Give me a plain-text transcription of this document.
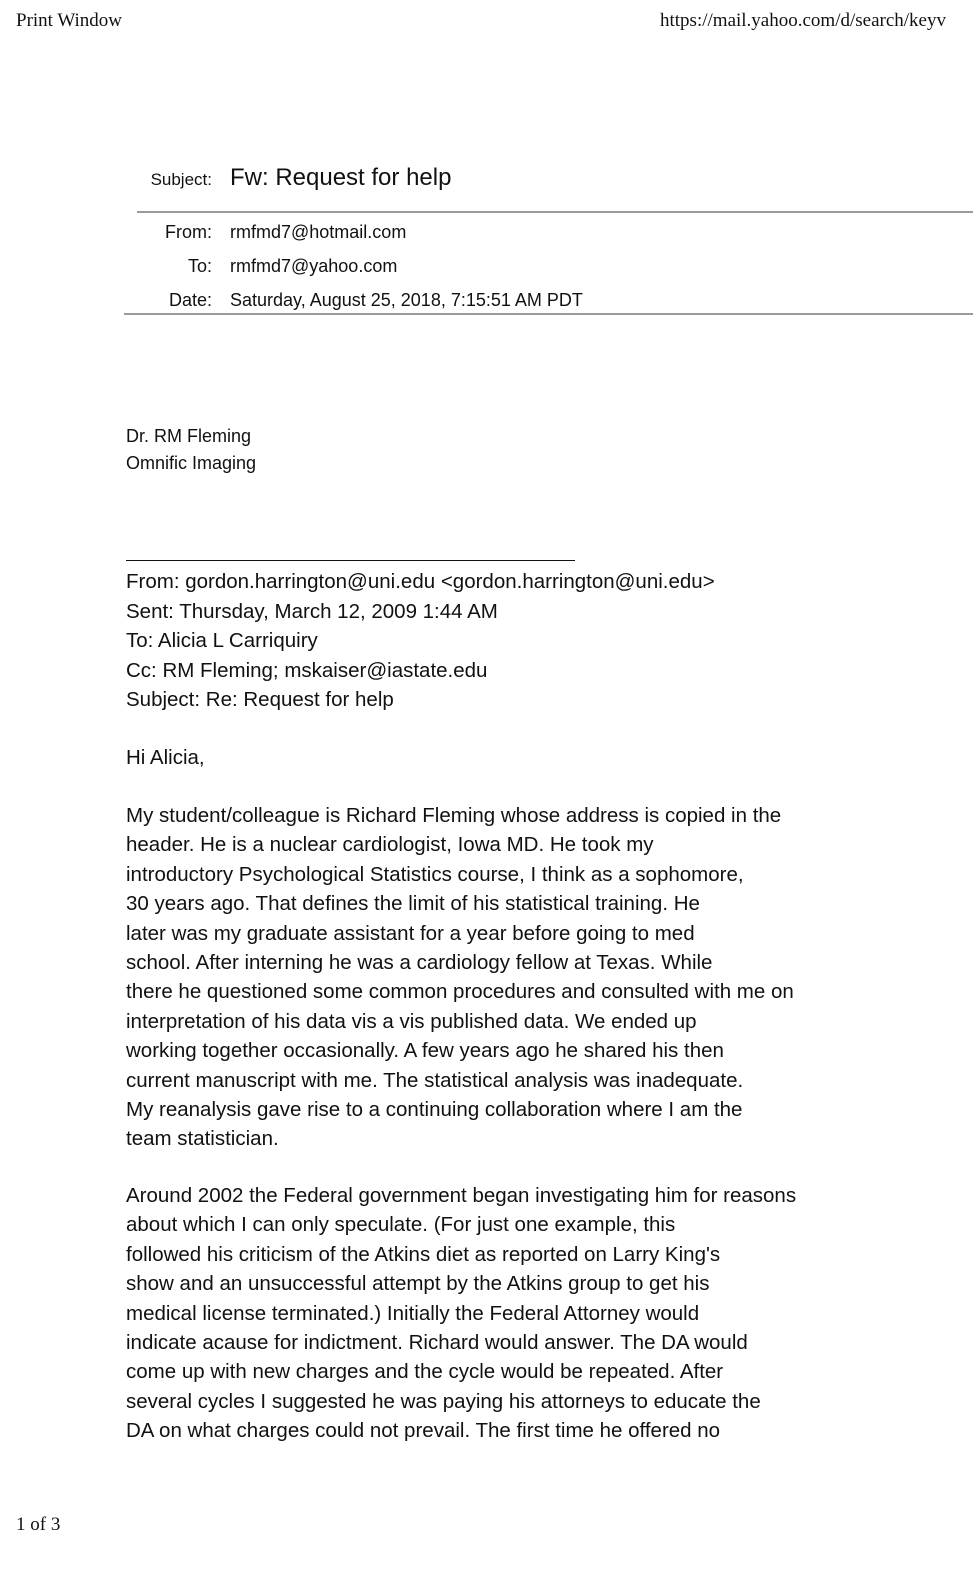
Print Window	https://mail.yahoo.com/d/search/keyv
Subject: Fw: Request for help
From: rmfmd7@hotmail.com
To: rmfmd7@yahoo.com
Date: Saturday, August 25, 2018, 7:15:51 AM PDT
Dr. RM Fleming
Omnific Imaging
From: gordon.harrington@uni.edu <gordon.harrington@uni.edu>
Sent: Thursday, March 12, 2009 1:44 AM
To: Alicia L Carriquiry
Cc: RM Fleming; mskaiser@iastate.edu
Subject: Re: Request for help
Hi Alicia,
My student/colleague is Richard Fleming whose address is copied in the
header. He is a nuclear cardiologist, Iowa MD. He took my
introductory Psychological Statistics course, I think as a sophomore,
30 years ago. That defines the limit of his statistical training. He
later was my graduate assistant for a year before going to med
school. After interning he was a cardiology fellow at Texas. While
there he questioned some common procedures and consulted with me on
interpretation of his data vis a vis published data. We ended up
working together occasionally. A few years ago he shared his then
current manuscript with me. The statistical analysis was inadequate.
My reanalysis gave rise to a continuing collaboration where I am the
team statistician.
Around 2002 the Federal government began investigating him for reasons
about which I can only speculate. (For just one example, this
followed his criticism of the Atkins diet as reported on Larry King's
show and an unsuccessful attempt by the Atkins group to get his
medical license terminated.) Initially the Federal Attorney would
indicate acause for indictment. Richard would answer. The DA would
come up with new charges and the cycle would be repeated. After
several cycles I suggested he was paying his attorneys to educate the
DA on what charges could not prevail. The first time he offered no
1 of 3
